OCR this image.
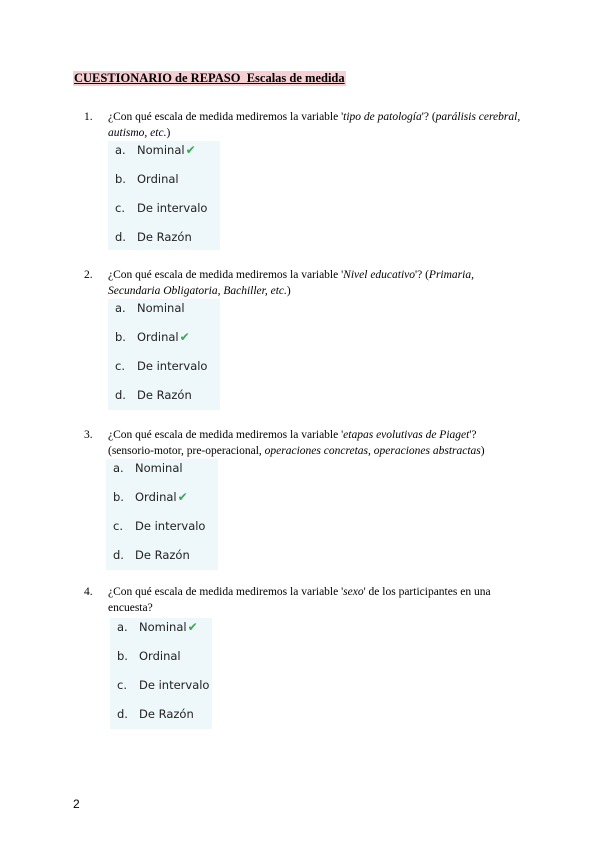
CUESTIONARIO de REPASO_Escalas de medida
1. ¿Con qué escala de medida mediremos la variable 'tipo de patología'? (parálisis cerebral, autismo, etc.)
a. Nominal✔
b. Ordinal
c. De intervalo
d. De Razón
2. ¿Con qué escala de medida mediremos la variable 'Nivel educativo'? (Primaria, Secundaria Obligatoria, Bachiller, etc.)
a. Nominal
b. Ordinal✔
c. De intervalo
d. De Razón
3. ¿Con qué escala de medida mediremos la variable 'etapas evolutivas de Piaget'? (sensorio-motor, pre-operacional, operaciones concretas, operaciones abstractas)
a. Nominal
b. Ordinal✔
c. De intervalo
d. De Razón
4. ¿Con qué escala de medida mediremos la variable 'sexo' de los participantes en una encuesta?
a. Nominal✔
b. Ordinal
c. De intervalo
d. De Razón
2
